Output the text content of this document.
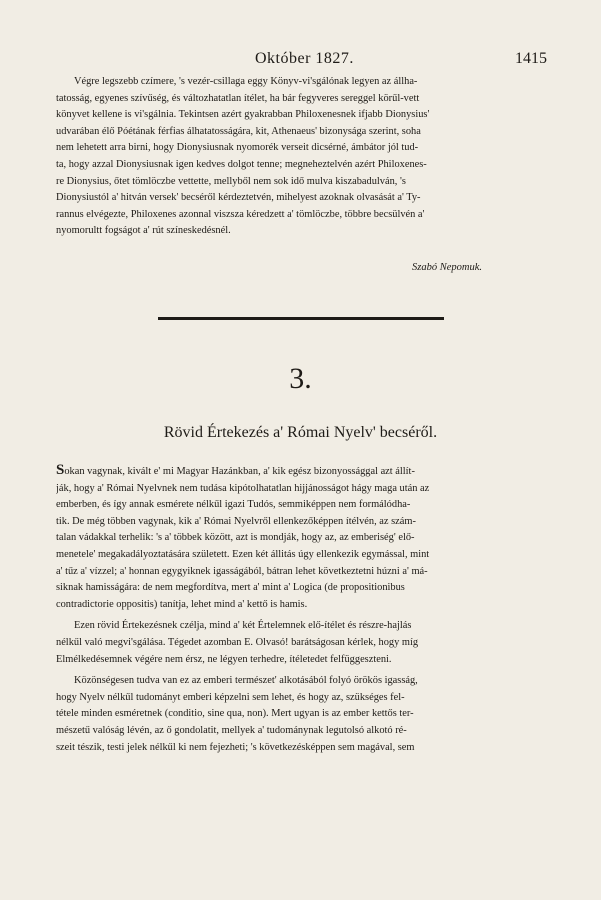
Október 1827.	1415
Végre legszebb czímere, 's vezér-csillaga eggy Könyv-vi'sgálónak legyen az állha-
tatosság, egyenes szívűség, és változhatatlan ítélet, ha bár fegyveres sereggel körűl-vett
könyvet kellene is vi'sgálnia. Tekintsen azért gyakrabban Philoxenesnek ifjabb Dionysius'
udvarában élő Póétának férfias álhatatosságára, kit, Athenaeus' bizonyságа szerint, soha
nem lehetett arra birni, hogy Dionysiusnak nyomorék verseit dicsérné, ámbátor jól tud-
ta, hogy azzal Dionysiusnak igen kedves dolgot tenne; megneheztelvén azért Philoxenes-
re Dionysius, őtet tömlöczbe vettette, mellyből nem sok idő mulva kiszabadulván, 's
Dionysiustól a' hitván versek' becséről kérdeztetvén, mihelyest azoknak olvasását a' Ty-
rannus elvégezte, Philoxenes azonnal viszsza kéredzett a' tömlöczbe, többre becsülvén a'
nyomorultt fogságot a' rút színeskedésnél.
Szabó Nepomuk.
3.
Rövid Értekezés a' Római Nyelv' becséről.
Sokan vagynak, kivált e' mi Magyar Hazánkban, a' kik egész bizonyossággal azt állít-
ják, hogy a' Római Nyelvnek nem tudása kipótolhatatlan hijjánosságot hágy maga után az
emberben, és így annak esmérete nélkűl igazi Tudós, semmiképpen nem formálódha-
tik. De még többen vagynak, kik a' Római Nyelvről ellenkezőképpen ítélvén, az szám-
talan vádakkal terhelik: 's a' többek között, azt is mondják, hogy az, az emberiség' elő-
menetele' megakadályoztatására született. Ezen két állitás úgy ellenkezik egymással, mint
a' tűz a' vízzel; a' honnan egygyiknek igasságából, bátran lehet következtetni húzni a' má-
siknak hamisságára: de nem megfordítva, mert a' mint a' Logica (de propositionibus
contradictorie oppositis) tanítja, lehet mind a' kettő is hamis.
Ezen rövid Értekezésnek czélja, mind a' két Értelemnek elő-ítélet és részre-hajlás
nélkűl való megvi'sgálása. Tégedet azomban E. Olvasó! barátságosan kérlek, hogy míg
Elmélkedésemnek végére nem érsz, ne légyen terhedre, ítéletedet felfüggeszteni.
Közönségesen tudva van ez az emberi természet' alkotásából folyó örökös igasság,
hogy Nyelv nélkűl tudományt emberi képzelni sem lehet, és hogy az, szükséges fel-
tétele minden esméretnek (conditio, sine qua, non). Mert ugyan is az ember kettős ter-
mészetű valóság lévén, az ő gondolatit, mellyek a' tudománynak legutolsó alkotó ré-
szeit tészik, testi jelek nélkűl ki nem fejezheti; 's következésképpen sem magával, sem
